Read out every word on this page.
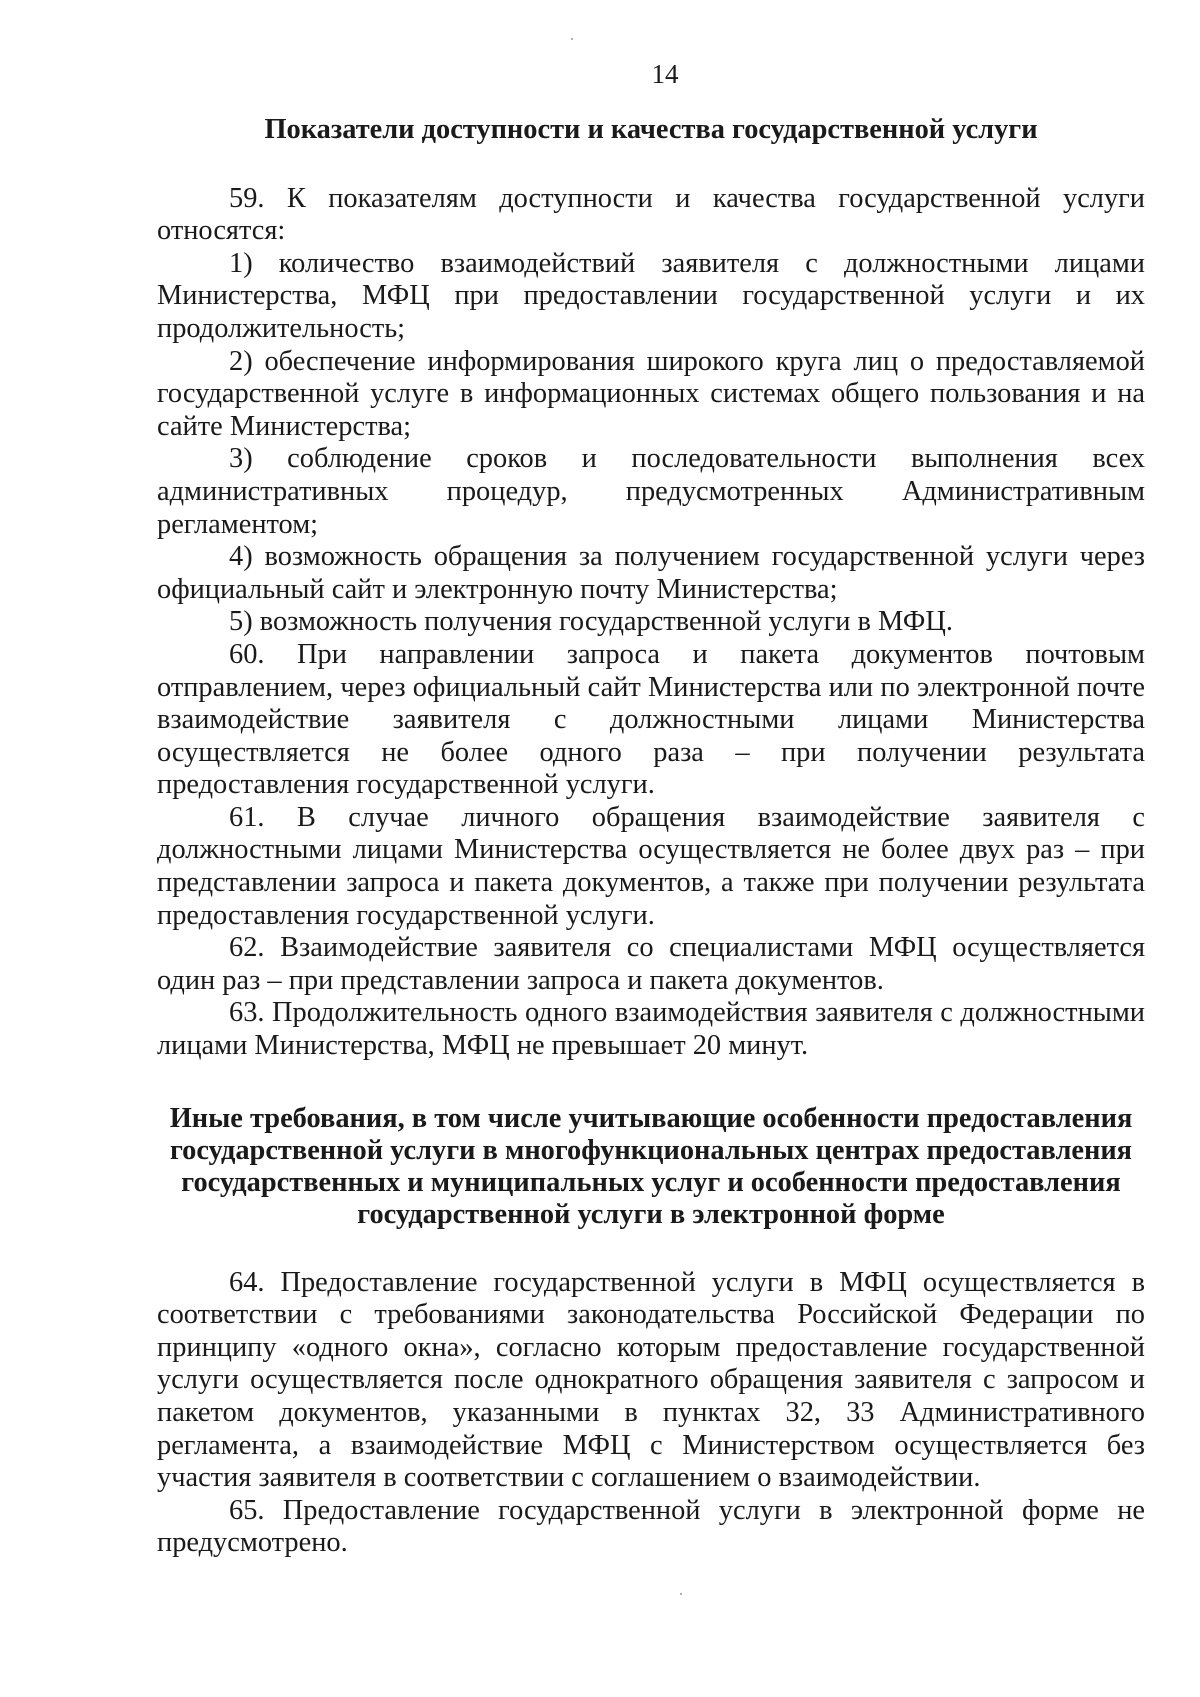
14

Показатели доступности и качества государственной услуги

59. К показателям доступности и качества государственной услуги относятся:

1) количество взаимодействий заявителя с должностными лицами Министерства, МФЦ при предоставлении государственной услуги и их продолжительность;

2) обеспечение информирования широкого круга лиц о предоставляемой государственной услуге в информационных системах общего пользования и на сайте Министерства;

3) соблюдение сроков и последовательности выполнения всех административных процедур, предусмотренных Административным регламентом;

4) возможность обращения за получением государственной услуги через официальный сайт и электронную почту Министерства;

5) возможность получения государственной услуги в МФЦ.

60. При направлении запроса и пакета документов почтовым отправлением, через официальный сайт Министерства или по электронной почте взаимодействие заявителя с должностными лицами Министерства осуществляется не более одного раза – при получении результата предоставления государственной услуги.

61. В случае личного обращения взаимодействие заявителя с должностными лицами Министерства осуществляется не более двух раз – при представлении запроса и пакета документов, а также при получении результата предоставления государственной услуги.

62. Взаимодействие заявителя со специалистами МФЦ осуществляется один раз – при представлении запроса и пакета документов.

63. Продолжительность одного взаимодействия заявителя с должностными лицами Министерства, МФЦ не превышает 20 минут.

Иные требования, в том числе учитывающие особенности предоставления государственной услуги в многофункциональных центрах предоставления государственных и муниципальных услуг и особенности предоставления государственной услуги в электронной форме

64. Предоставление государственной услуги в МФЦ осуществляется в соответствии с требованиями законодательства Российской Федерации по принципу «одного окна», согласно которым предоставление государственной услуги осуществляется после однократного обращения заявителя с запросом и пакетом документов, указанными в пунктах 32, 33 Административного регламента, а взаимодействие МФЦ с Министерством осуществляется без участия заявителя в соответствии с соглашением о взаимодействии.

65. Предоставление государственной услуги в электронной форме не предусмотрено.
